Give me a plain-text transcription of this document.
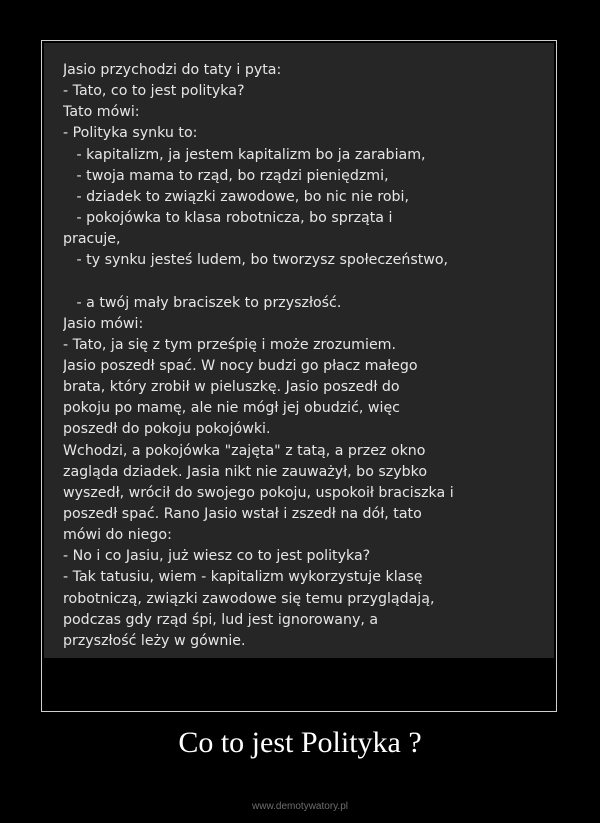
Jasio przychodzi do taty i pyta:
- Tato, co to jest polityka?
Tato mówi:
- Polityka synku to:
- kapitalizm, ja jestem kapitalizm bo ja zarabiam,
- twoja mama to rząd, bo rządzi pieniędzmi,
- dziadek to związki zawodowe, bo nic nie robi,
- pokojówka to klasa robotnicza, bo sprząta i
pracuje,
- ty synku jesteś ludem, bo tworzysz społeczeństwo,
- a twój mały braciszek to przyszłość.
Jasio mówi:
- Tato, ja się z tym prześpię i może zrozumiem.
Jasio poszedł spać. W nocy budzi go płacz małego
brata, który zrobił w pieluszkę. Jasio poszedł do
pokoju po mamę, ale nie mógł jej obudzić, więc
poszedł do pokoju pokojówki.
Wchodzi, a pokojówka "zajęta" z tatą, a przez okno
zagląda dziadek. Jasia nikt nie zauważył, bo szybko
wyszedł, wrócił do swojego pokoju, uspokoił braciszka i
poszedł spać. Rano Jasio wstał i zszedł na dół, tato
mówi do niego:
- No i co Jasiu, już wiesz co to jest polityka?
- Tak tatusiu, wiem - kapitalizm wykorzystuje klasę
robotniczą, związki zawodowe się temu przyglądają,
podczas gdy rząd śpi, lud jest ignorowany, a
przyszłość leży w gównie.
Co to jest Polityka ?
www.demotywatory.pl
